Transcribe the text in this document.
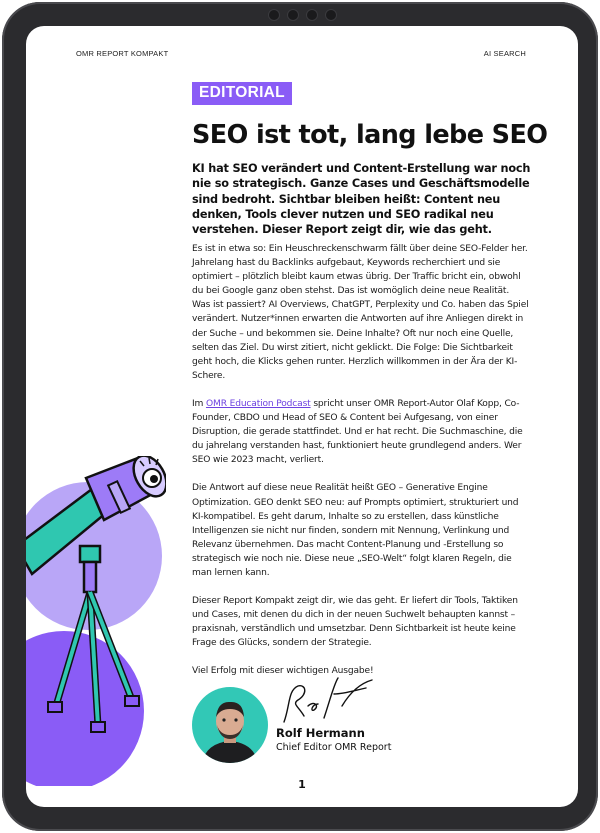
OMR REPORT KOMPAKT	AI SEARCH
EDITORIAL
SEO ist tot, lang lebe SEO
KI hat SEO verändert und Content-Erstellung war noch nie so strategisch. Ganze Cases und Geschäftsmodelle sind bedroht. Sichtbar bleiben heißt: Content neu denken, Tools clever nutzen und SEO radikal neu verstehen. Dieser Report zeigt dir, wie das geht.

Es ist in etwa so: Ein Heuschreckenschwarm fällt über deine SEO-Felder her. Jahrelang hast du Backlinks aufgebaut, Keywords recherchiert und sie optimiert – plötzlich bleibt kaum etwas übrig. Der Traffic bricht ein, obwohl du bei Google ganz oben stehst. Das ist womöglich deine neue Realität. Was ist passiert? AI Overviews, ChatGPT, Perplexity und Co. haben das Spiel verändert. Nutzer*innen erwarten die Antworten auf ihre Anliegen direkt in der Suche – und bekommen sie. Deine Inhalte? Oft nur noch eine Quelle, selten das Ziel. Du wirst zitiert, nicht geklickt. Die Folge: Die Sichtbarkeit geht hoch, die Klicks gehen runter. Herzlich willkommen in der Ära der KI-Schere.

Im OMR Education Podcast spricht unser OMR Report-Autor Olaf Kopp, Co-Founder, CBDO und Head of SEO & Content bei Aufgesang, von einer Disruption, die gerade stattfindet. Und er hat recht. Die Suchmaschine, die du jahrelang verstanden hast, funktioniert heute grundlegend anders. Wer SEO wie 2023 macht, verliert.

Die Antwort auf diese neue Realität heißt GEO – Generative Engine Optimization. GEO denkt SEO neu: auf Prompts optimiert, strukturiert und KI-kompatibel. Es geht darum, Inhalte so zu erstellen, dass künstliche Intelligenzen sie nicht nur finden, sondern mit Nennung, Verlinkung und Relevanz übernehmen. Das macht Content-Planung und -Erstellung so strategisch wie noch nie. Diese neue „SEO-Welt“ folgt klaren Regeln, die man lernen kann.

Dieser Report Kompakt zeigt dir, wie das geht. Er liefert dir Tools, Taktiken und Cases, mit denen du dich in der neuen Suchwelt behaupten kannst – praxisnah, verständlich und umsetzbar. Denn Sichtbarkeit ist heute keine Frage des Glücks, sondern der Strategie.

Viel Erfolg mit dieser wichtigen Ausgabe!

Rolf Hermann
Chief Editor OMR Report
1
